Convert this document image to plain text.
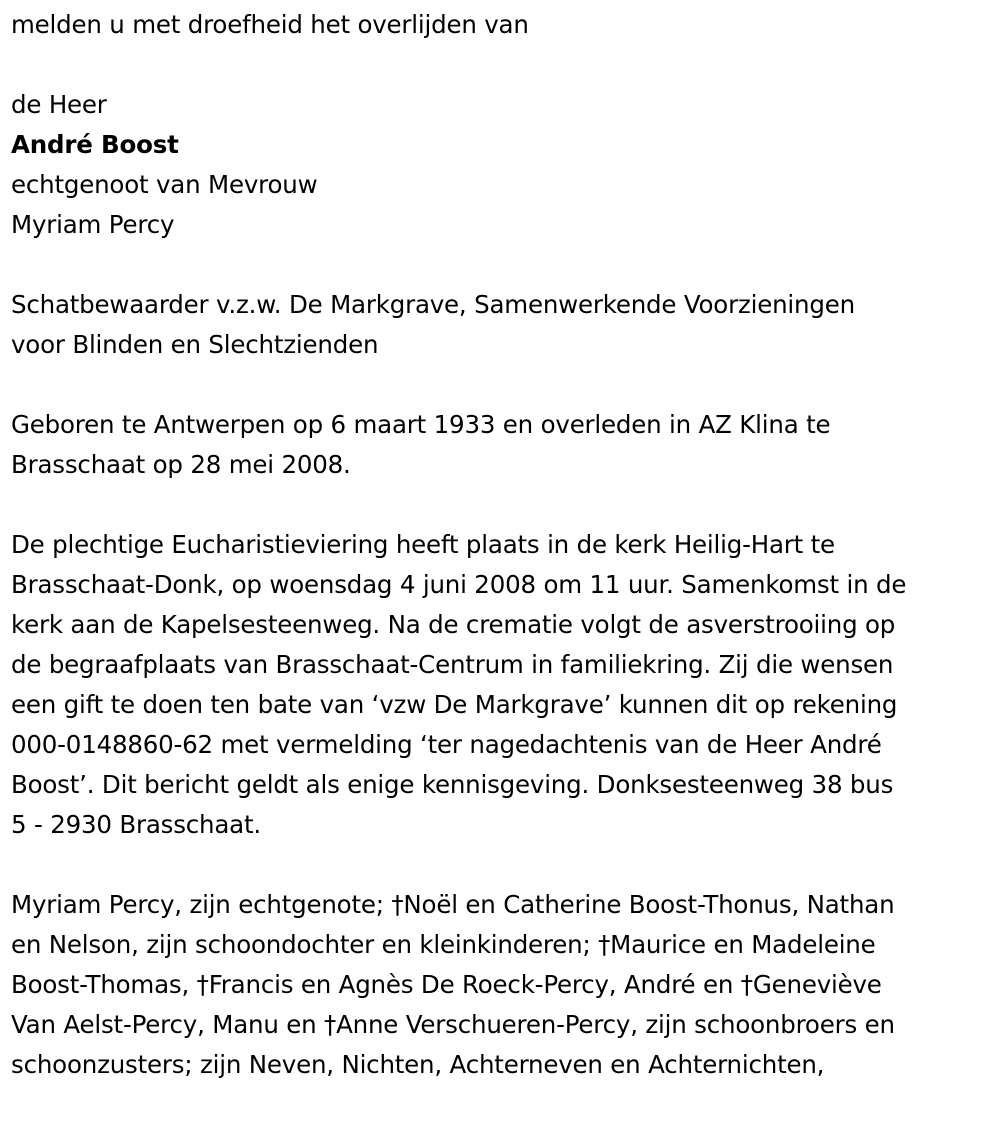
melden u met droefheid het overlijden van

de Heer

André Boost

echtgenoot van Mevrouw

Myriam Percy

Schatbewaarder v.z.w. De Markgrave, Samenwerkende Voorzieningen

voor Blinden en Slechtzienden

Geboren te Antwerpen op 6 maart 1933 en overleden in AZ Klina te

Brasschaat op 28 mei 2008.

De plechtige Eucharistieviering heeft plaats in de kerk Heilig-Hart te

Brasschaat-Donk, op woensdag 4 juni 2008 om 11 uur. Samenkomst in de

kerk aan de Kapelsesteenweg. Na de crematie volgt de asverstrooiing op

de begraafplaats van Brasschaat-Centrum in familiekring. Zij die wensen

een gift te doen ten bate van ‘vzw De Markgrave’ kunnen dit op rekening

000-0148860-62 met vermelding ‘ter nagedachtenis van de Heer André

Boost’. Dit bericht geldt als enige kennisgeving. Donksesteenweg 38 bus

5 - 2930 Brasschaat.

Myriam Percy, zijn echtgenote; †Noël en Catherine Boost-Thonus, Nathan

en Nelson, zijn schoondochter en kleinkinderen; †Maurice en Madeleine

Boost-Thomas, †Francis en Agnès De Roeck-Percy, André en †Geneviève

Van Aelst-Percy, Manu en †Anne Verschueren-Percy, zijn schoonbroers en

schoonzusters; zijn Neven, Nichten, Achterneven en Achternichten,
